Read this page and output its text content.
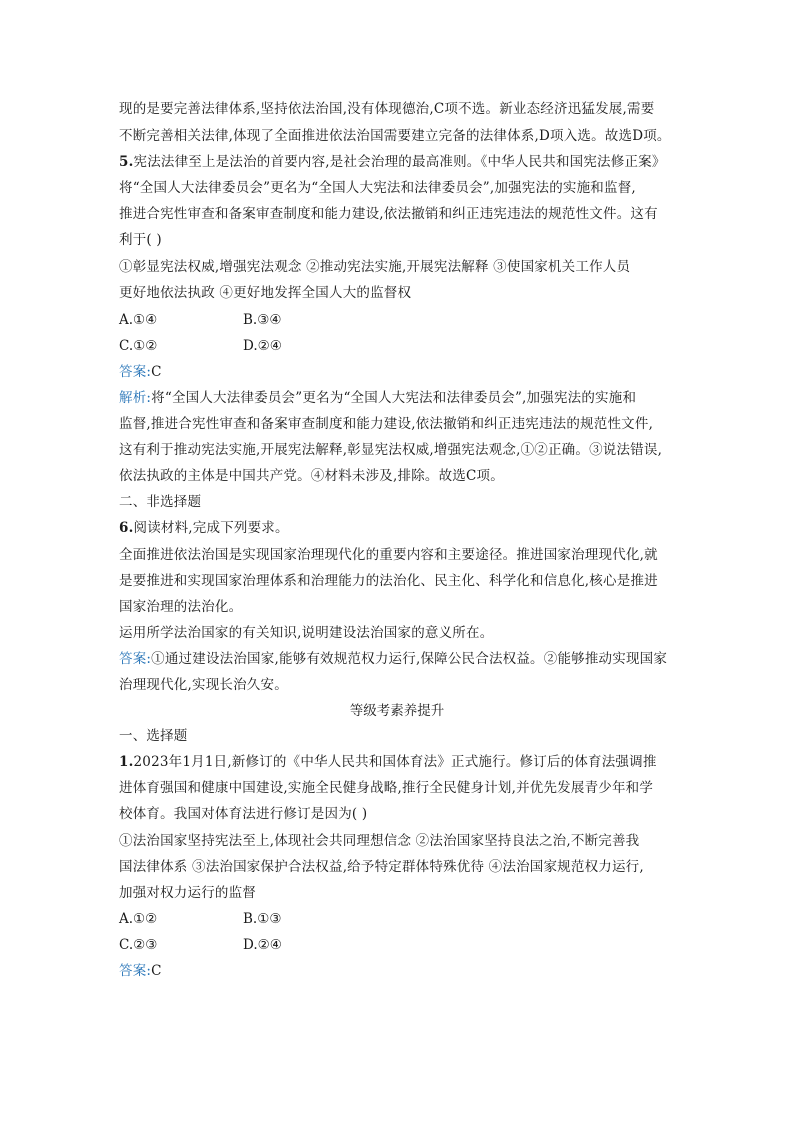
现的是要完善法律体系,坚持依法治国,没有体现德治,C项不选。新业态经济迅猛发展,需要
不断完善相关法律,体现了全面推进依法治国需要建立完备的法律体系,D项入选。故选D项。
5.宪法法律至上是法治的首要内容,是社会治理的最高准则。《中华人民共和国宪法修正案》
将“全国人大法律委员会”更名为“全国人大宪法和法律委员会”,加强宪法的实施和监督,
推进合宪性审查和备案审查制度和能力建设,依法撤销和纠正违宪违法的规范性文件。这有
利于( )
①彰显宪法权威,增强宪法观念 ②推动宪法实施,开展宪法解释 ③使国家机关工作人员
更好地依法执政 ④更好地发挥全国人大的监督权
A.①④	B.③④
C.①②	D.②④
答案:C
解析:将“全国人大法律委员会”更名为“全国人大宪法和法律委员会”,加强宪法的实施和
监督,推进合宪性审查和备案审查制度和能力建设,依法撤销和纠正违宪违法的规范性文件,
这有利于推动宪法实施,开展宪法解释,彰显宪法权威,增强宪法观念,①②正确。③说法错误,
依法执政的主体是中国共产党。④材料未涉及,排除。故选C项。
二、非选择题
6.阅读材料,完成下列要求。
全面推进依法治国是实现国家治理现代化的重要内容和主要途径。推进国家治理现代化,就
是要推进和实现国家治理体系和治理能力的法治化、民主化、科学化和信息化,核心是推进
国家治理的法治化。
运用所学法治国家的有关知识,说明建设法治国家的意义所在。
答案:①通过建设法治国家,能够有效规范权力运行,保障公民合法权益。②能够推动实现国家
治理现代化,实现长治久安。
等级考素养提升
一、选择题
1.2023年1月1日,新修订的《中华人民共和国体育法》正式施行。修订后的体育法强调推
进体育强国和健康中国建设,实施全民健身战略,推行全民健身计划,并优先发展青少年和学
校体育。我国对体育法进行修订是因为( )
①法治国家坚持宪法至上,体现社会共同理想信念 ②法治国家坚持良法之治,不断完善我
国法律体系 ③法治国家保护合法权益,给予特定群体特殊优待 ④法治国家规范权力运行,
加强对权力运行的监督
A.①②	B.①③
C.②③	D.②④
答案:C
